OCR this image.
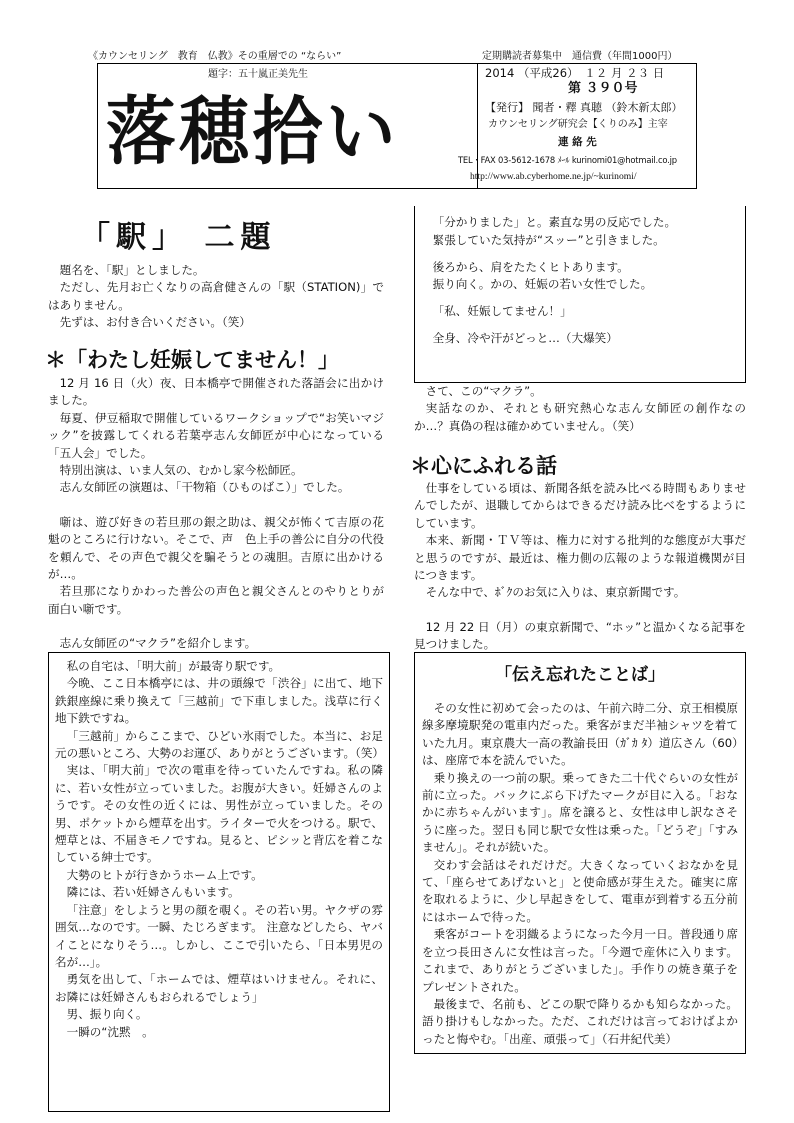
《カウンセリング　教育　仏教》その重層での “ならい”	定期購読者募集中　通信費（年間1000円）
題字：五十嵐正美先生
落穂拾い
2014 （平成26）　１２ 月 ２３ 日
第 ３９０号
【発行】 聞者・釋 真聴 （鈴木新太郎）
カウンセリング研究会【くりのみ】主宰
連 絡 先
TEL・FAX 03-5612-1678 ﾒｰﾙ kurinomi01@hotmail.co.jp
http://www.ab.cyberhome.ne.jp/~kurinomi/
「駅」 二題
題名を、「駅」としました。
ただし、先月お亡くなりの高倉健さんの「駅（STATION)」ではありません。
先ずは、お付き合いください。（笑）
＊「わたし妊娠してません！」
12 月 16 日（火）夜、日本橋亭で開催された落語会に出かけました。
毎夏、伊豆稲取で開催しているワークショップで“お笑いマジック”を披露してくれる若葉亭志ん女師匠が中心になっている「五人会」でした。
特別出演は、いま人気の、むかし家今松師匠。
志ん女師匠の演題は、「干物箱（ひものばこ）」でした。
噺は、遊び好きの若旦那の銀之助は、親父が怖くて吉原の花魁のところに行けない。そこで、声　色上手の善公に自分の代役を頼んで、その声色で親父を騙そうとの魂胆。吉原に出かけるが…。
若旦那になりかわった善公の声色と親父さんとのやりとりが面白い噺です。
志ん女師匠の“マクラ”を紹介します。
私の自宅は、「明大前」が最寄り駅です。
今晩、ここ日本橋亭には、井の頭線で「渋谷」に出て、地下鉄銀座線に乗り換えて「三越前」で下車しました。浅草に行く地下鉄ですね。
「三越前」からここまで、ひどい氷雨でした。本当に、お足元の悪いところ、大勢のお運び、ありがとうございます。（笑）
実は、「明大前」で次の電車を待っていたんですね。私の隣に、若い女性が立っていました。お腹が大きい。妊婦さんのようです。その女性の近くには、男性が立っていました。その男、ポケットから煙草を出す。ライターで火をつける。駅で、煙草とは、不届きモノですね。見ると、ピシッと背広を着こなしている紳士です。
大勢のヒトが行きかうホーム上です。
隣には、若い妊婦さんもいます。
「注意」をしようと男の顔を覗く。その若い男。ヤクザの雰囲気…なのです。一瞬、たじろぎます。 注意などしたら、ヤバイことになりそう…。しかし、ここで引いたら、「日本男児の名が…」。
勇気を出して、「ホームでは、煙草はいけません。それに、お隣には妊婦さんもおられるでしょう」
男、振り向く。
一瞬の“沈黙　。
「分かりました」と。素直な男の反応でした。
緊張していた気持が“スッー”と引きました。
後ろから、肩をたたくヒトあります。
振り向く。かの、妊娠の若い女性でした。
「私、妊娠してません！」
全身、冷や汗がどっと…（大爆笑）
さて、この“マクラ”。
実話なのか、それとも研究熱心な志ん女師匠の創作なのか…？真偽の程は確かめていません。（笑）
＊心にふれる話
仕事をしている頃は、新聞各紙を読み比べる時間もありませんでしたが、退職してからはできるだけ読み比べをするようにしています。
本来、新聞・ＴＶ等は、権力に対する批判的な態度が大事だと思うのですが、最近は、権力側の広報のような報道機関が目につきます。
そんな中で、ﾎﾞｸのお気に入りは、東京新聞です。
12 月 22 日（月）の東京新聞で、“ホッ”と温かくなる記事を見つけました。
「伝え忘れたことば」
その女性に初めて会ったのは、午前六時二分、京王相模原線多摩境駅発の電車内だった。乗客がまだ半袖シャツを着ていた九月。東京農大一高の教諭長田（ｶﾞｶ ﾀ）道広さん（60）は、座席で本を読んでいた。
乗り換えの一つ前の駅。乗ってきた二十代ぐらいの女性が前に立った。バックにぶら下げたマークが目に入る。「おなかに赤ちゃんがいます」。席を譲ると、女性は申し訳なさそうに座った。翌日も同じ駅で女性は乗った。「どうぞ」「すみません」。それが続いた。
交わす会話はそれだけだ。大きくなっていくおなかを見て、「座らせてあげないと」と使命感が芽生えた。確実に席を取れるように、少し早起きをして、電車が到着する五分前にはホームで待った。
乗客がコートを羽織るようになった今月一日。普段通り席を立つ長田さんに女性は言った。「今週で産休に入ります。これまで、ありがとうございました」。手作りの焼き菓子をプレゼントされた。
最後まで、名前も、どこの駅で降りるかも知らなかった。語り掛けもしなかった。ただ、これだけは言っておけばよかったと悔やむ。「出産、頑張って」（石井紀代美）
